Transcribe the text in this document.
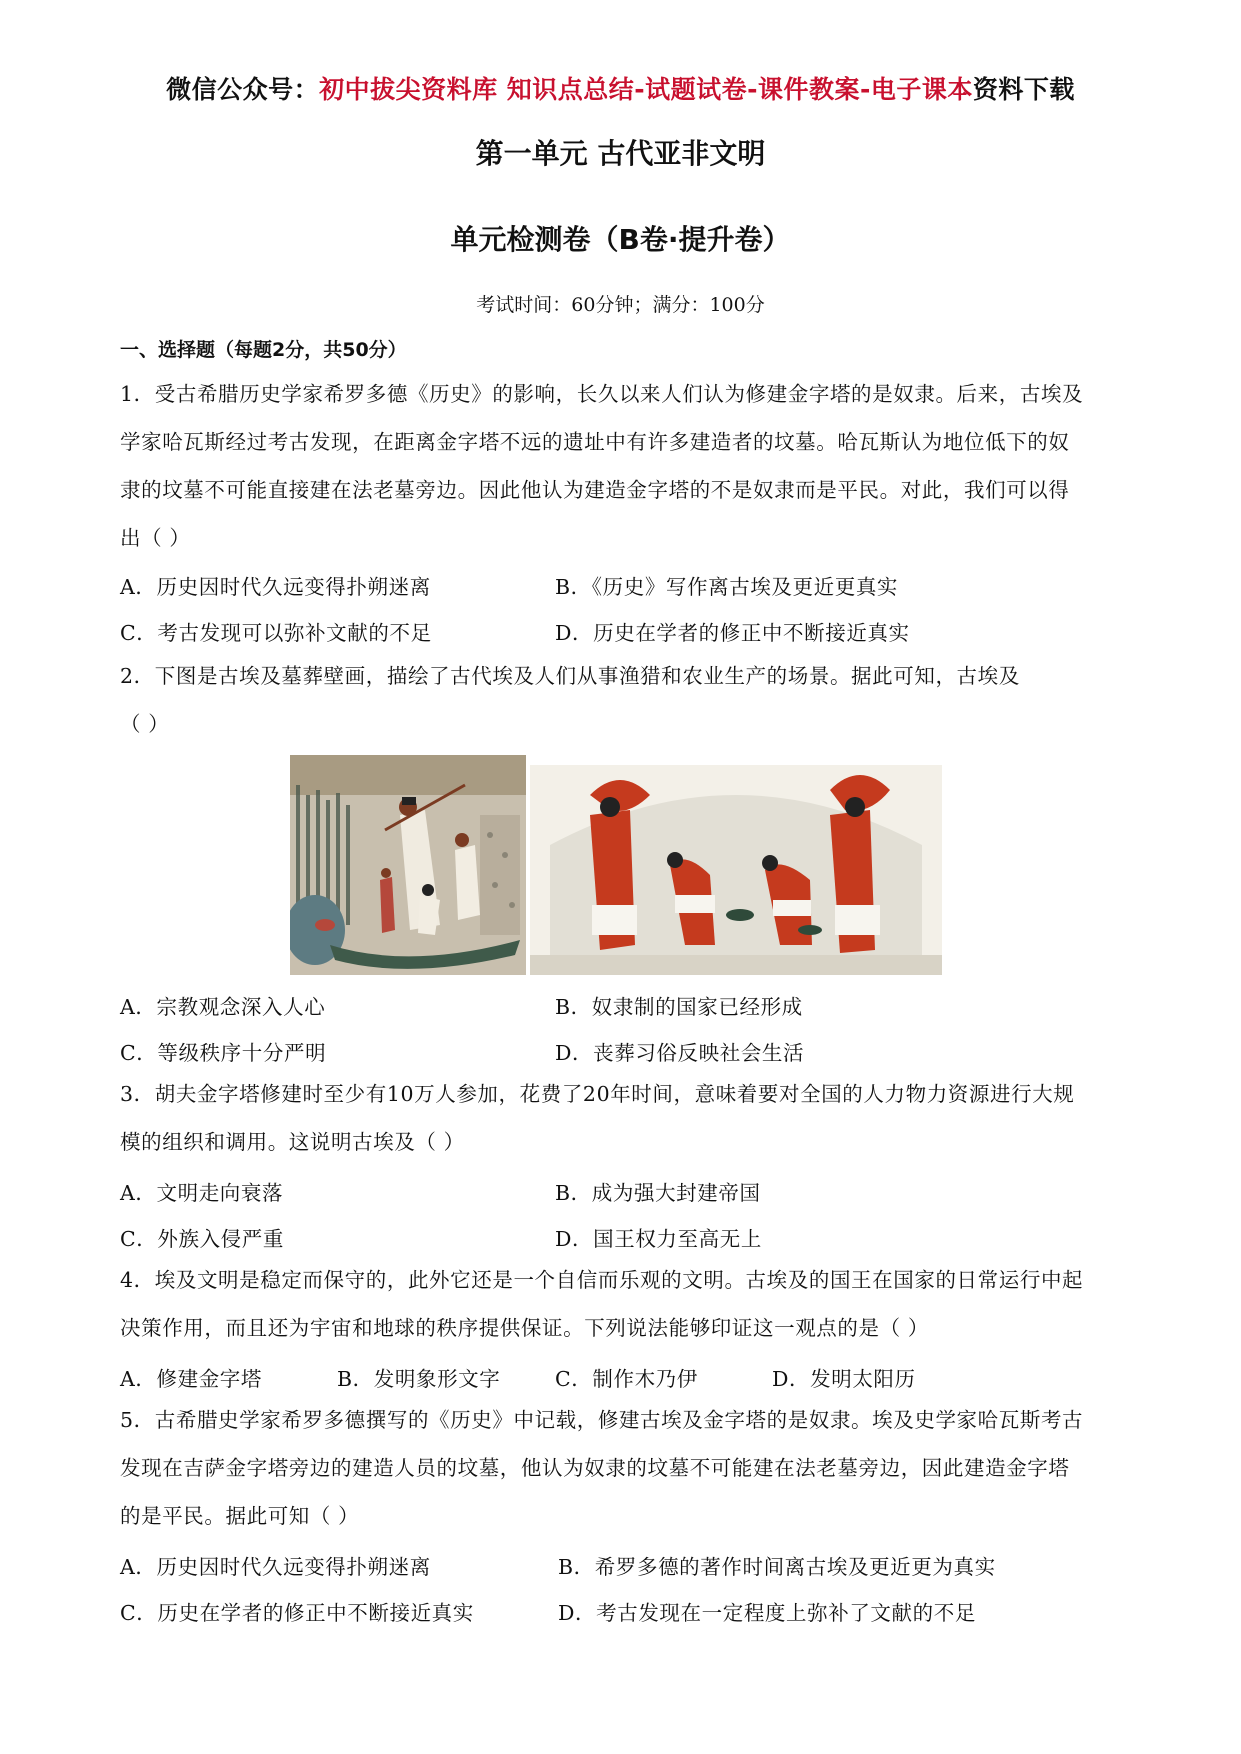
微信公众号：初中拔尖资料库 知识点总结-试题试卷-课件教案-电子课本资料下载
第一单元 古代亚非文明
单元检测卷（B卷·提升卷）
考试时间：60分钟；满分：100分
一、选择题（每题2分，共50分）
1．受古希腊历史学家希罗多德《历史》的影响，长久以来人们认为修建金字塔的是奴隶。后来，古埃及
学家哈瓦斯经过考古发现，在距离金字塔不远的遗址中有许多建造者的坟墓。哈瓦斯认为地位低下的奴
隶的坟墓不可能直接建在法老墓旁边。因此他认为建造金字塔的不是奴隶而是平民。对此，我们可以得
出（ ）
A．历史因时代久远变得扑朔迷离	B．《历史》写作离古埃及更近更真实
C．考古发现可以弥补文献的不足	D．历史在学者的修正中不断接近真实
2．下图是古埃及墓葬壁画，描绘了古代埃及人们从事渔猎和农业生产的场景。据此可知，古埃及
（ ）
A．宗教观念深入人心	B．奴隶制的国家已经形成
C．等级秩序十分严明	D．丧葬习俗反映社会生活
3．胡夫金字塔修建时至少有10万人参加，花费了20年时间，意味着要对全国的人力物力资源进行大规
模的组织和调用。这说明古埃及（ ）
A．文明走向衰落	B．成为强大封建帝国
C．外族入侵严重	D．国王权力至高无上
4．埃及文明是稳定而保守的，此外它还是一个自信而乐观的文明。古埃及的国王在国家的日常运行中起
决策作用，而且还为宇宙和地球的秩序提供保证。下列说法能够印证这一观点的是（ ）
A．修建金字塔	B．发明象形文字	C．制作木乃伊	D．发明太阳历
5．古希腊史学家希罗多德撰写的《历史》中记载，修建古埃及金字塔的是奴隶。埃及史学家哈瓦斯考古
发现在吉萨金字塔旁边的建造人员的坟墓，他认为奴隶的坟墓不可能建在法老墓旁边，因此建造金字塔
的是平民。据此可知（ ）
A．历史因时代久远变得扑朔迷离	B．希罗多德的著作时间离古埃及更近更为真实
C．历史在学者的修正中不断接近真实	D．考古发现在一定程度上弥补了文献的不足
